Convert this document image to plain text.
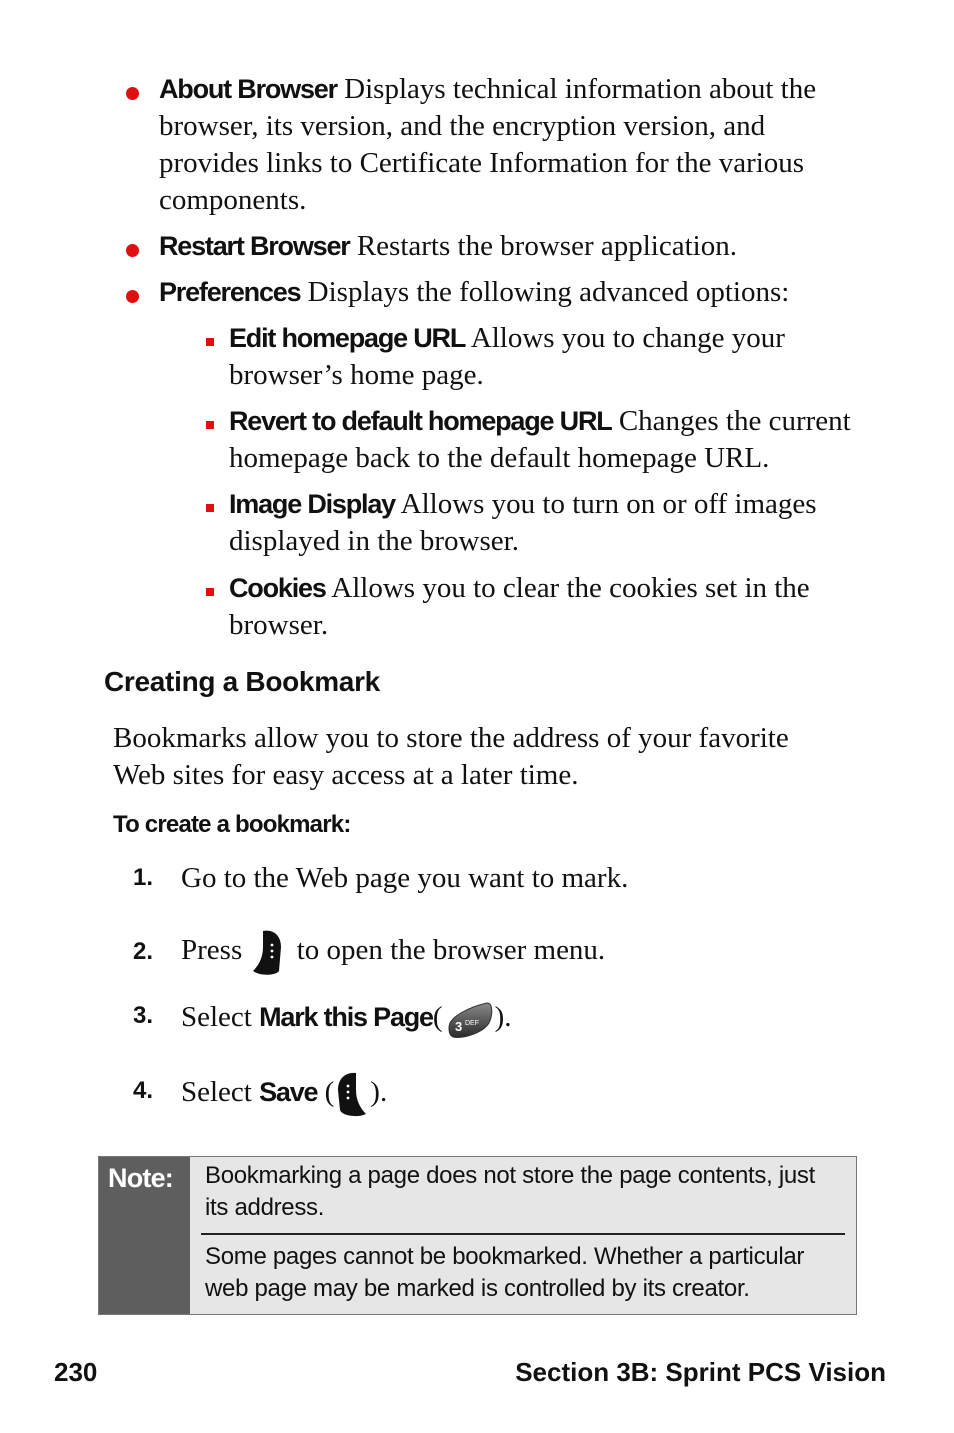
About Browser Displays technical information about the
browser, its version, and the encryption version, and
provides links to Certificate Information for the various
components.
Restart Browser Restarts the browser application.
Preferences Displays the following advanced options:
Edit homepage URL Allows you to change your
browser’s home page.
Revert to default homepage URL Changes the current
homepage back to the default homepage URL.
Image Display Allows you to turn on or off images
displayed in the browser.
Cookies Allows you to clear the cookies set in the
browser.
Creating a Bookmark
Bookmarks allow you to store the address of your favorite
Web sites for easy access at a later time.
To create a bookmark:
1. Go to the Web page you want to mark.
2. Press to open the browser menu.
3. Select Mark this Page( 3 DEF ).
4. Select Save ( ).
Note: Bookmarking a page does not store the page contents, just
its address.
Some pages cannot be bookmarked. Whether a particular
web page may be marked is controlled by its creator.
230	Section 3B: Sprint PCS Vision
